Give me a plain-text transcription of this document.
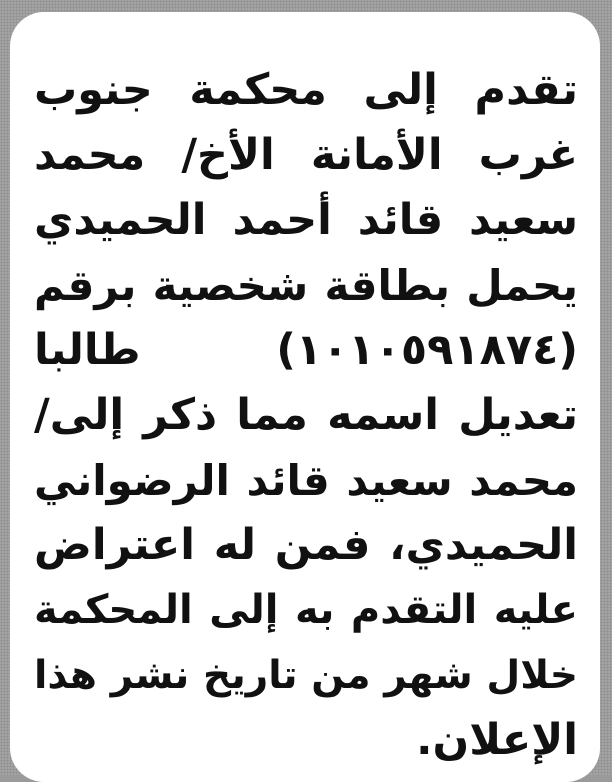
تقدم إلى محكمة جنوب
غرب الأمانة الأخ/ محمد
سعيد قائد أحمد الحميدي
يحمل بطاقة شخصية برقم
(١٠١٠٥٩١٨٧٤) طالبا
تعديل اسمه مما ذكر إلى/
محمد سعيد قائد الرضواني
الحميدي، فمن له اعتراض
عليه التقدم به إلى المحكمة
خلال شهر من تاريخ نشر هذا
الإعلان.
